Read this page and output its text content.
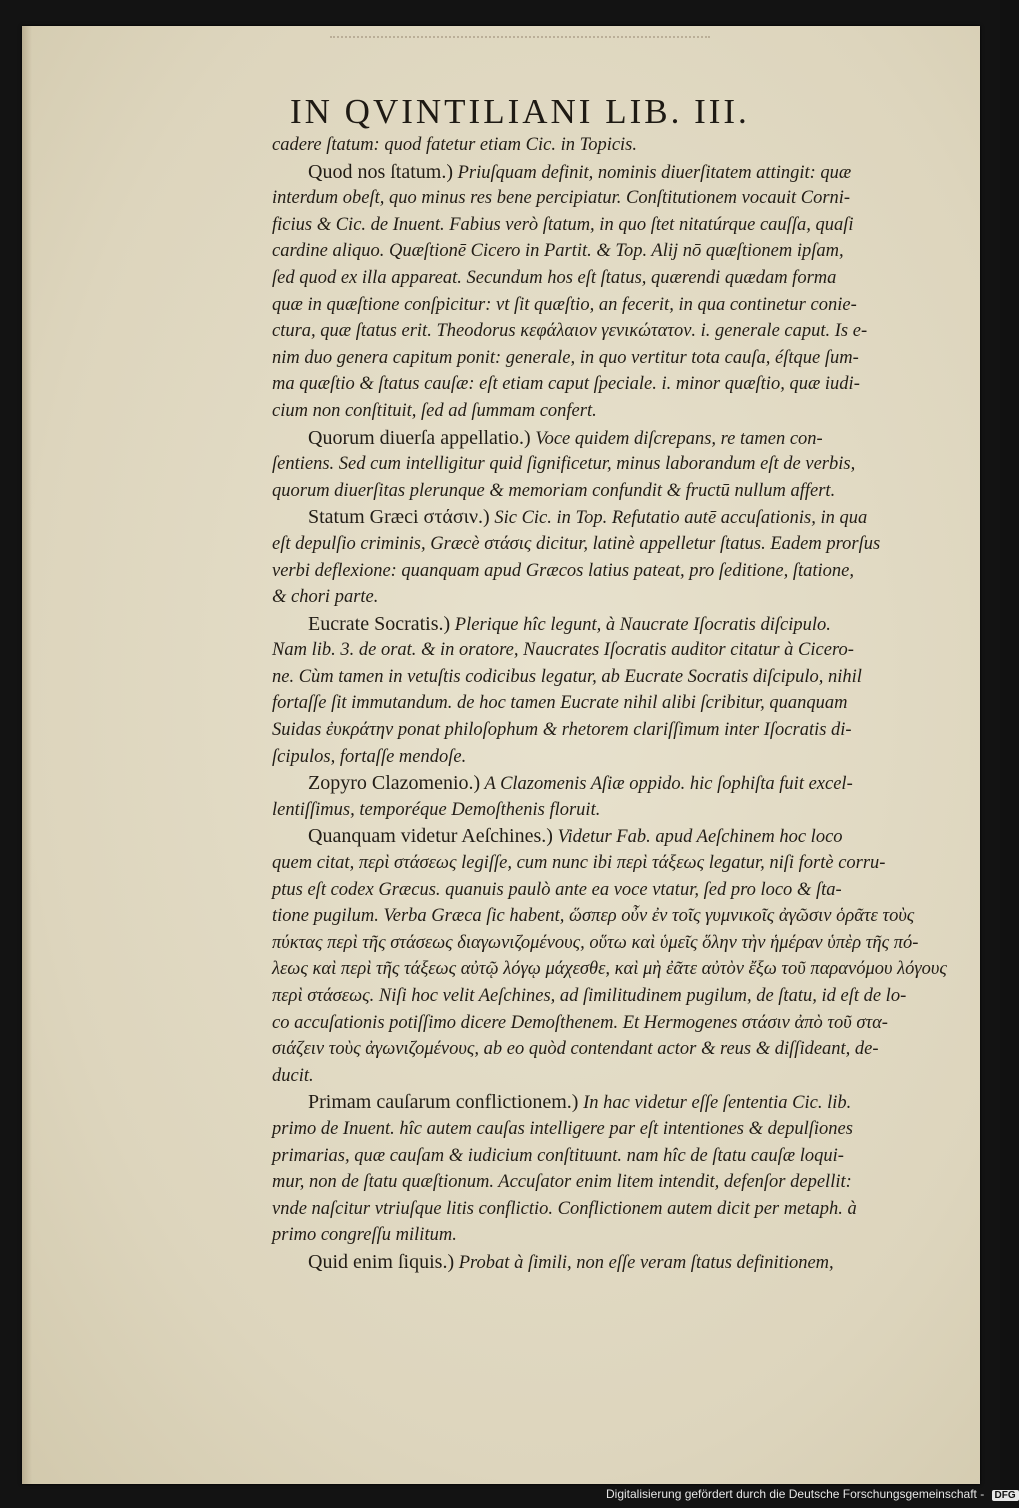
IN QVINTILIANI LIB. III.
cadere ſtatum: quod fatetur etiam Cic. in Topicis.
Quod nos ſtatum.) Priuſquam definit, nominis diuerſitatem attingit: quæ
interdum obeſt, quo minus res bene percipiatur. Conſtitutionem vocauit Corni-
ficius & Cic. de Inuent. Fabius verò ſtatum, in quo ſtet nitatúrque cauſſa, quaſi
cardine aliquo. Quæſtionē Cicero in Partit. & Top. Alij nō quæſtionem ipſam,
ſed quod ex illa appareat. Secundum hos eſt ſtatus, quærendi quædam forma
quæ in quæſtione conſpicitur: vt ſit quæſtio, an fecerit, in qua continetur conie-
ctura, quæ ſtatus erit. Theodorus κεφάλαιον γενικώτατον. i. generale caput. Is e-
nim duo genera capitum ponit: generale, in quo vertitur tota cauſa, éſtque ſum-
ma quæſtio & ſtatus cauſæ: eſt etiam caput ſpeciale. i. minor quæſtio, quæ iudi-
cium non conſtituit, ſed ad ſummam confert.
Quorum diuerſa appellatio.) Voce quidem diſcrepans, re tamen con-
ſentiens. Sed cum intelligitur quid ſignificetur, minus laborandum eſt de verbis,
quorum diuerſitas plerunque & memoriam confundit & fructū nullum affert.
Statum Græci στάσιν.) Sic Cic. in Top. Refutatio autē accuſationis, in qua
eſt depulſio criminis, Græcè στάσις dicitur, latinè appelletur ſtatus. Eadem prorſus
verbi deflexione: quanquam apud Græcos latius pateat, pro ſeditione, ſtatione,
& chori parte.
Eucrate Socratis.) Plerique hîc legunt, à Naucrate Iſocratis diſcipulo.
Nam lib. 3. de orat. & in oratore, Naucrates Iſocratis auditor citatur à Cicero-
ne. Cùm tamen in vetuſtis codicibus legatur, ab Eucrate Socratis diſcipulo, nihil
fortaſſe ſit immutandum. de hoc tamen Eucrate nihil alibi ſcribitur, quanquam
Suidas ἐυκράτην ponat philoſophum & rhetorem clariſſimum inter Iſocratis di-
ſcipulos, fortaſſe mendoſe.
Zopyro Clazomenio.) A Clazomenis Aſiæ oppido. hic ſophiſta fuit excel-
lentiſſimus, temporéque Demoſthenis floruit.
Quanquam videtur Aeſchines.) Videtur Fab. apud Aeſchinem hoc loco
quem citat, περὶ στάσεως legiſſe, cum nunc ibi περὶ τάξεως legatur, niſi fortè corru-
ptus eſt codex Græcus. quanuis paulò ante ea voce vtatur, ſed pro loco & ſta-
tione pugilum. Verba Græca ſic habent, ὥσπερ οὖν ἐν τοῖς γυμνικοῖς ἀγῶσιν ὁρᾶτε τοὺς
πύκτας περὶ τῆς στάσεως διαγωνιζομένους, οὕτω καὶ ὑμεῖς ὅλην τὴν ἡμέραν ὑπὲρ τῆς πό-
λεως καὶ περὶ τῆς τάξεως αὐτῷ λόγῳ μάχεσθε, καὶ μὴ ἐᾶτε αὐτὸν ἔξω τοῦ παρανόμου λόγους
περὶ στάσεως. Niſi hoc velit Aeſchines, ad ſimilitudinem pugilum, de ſtatu, id eſt de lo-
co accuſationis potiſſimo dicere Demoſthenem. Et Hermogenes στάσιν ἀπὸ τοῦ στα-
σιάζειν τοὺς ἀγωνιζομένους, ab eo quòd contendant actor & reus & diſſideant, de-
ducit.
Primam cauſarum conflictionem.) In hac videtur eſſe ſententia Cic. lib.
primo de Inuent. hîc autem cauſas intelligere par eſt intentiones & depulſiones
primarias, quæ cauſam & iudicium conſtituunt. nam hîc de ſtatu cauſæ loqui-
mur, non de ſtatu quæſtionum. Accuſator enim litem intendit, defenſor depellit:
vnde naſcitur vtriuſque litis conflictio. Conflictionem autem dicit per metaph. à
primo congreſſu militum.
Quid enim ſiquis.) Probat à ſimili, non eſſe veram ſtatus definitionem,
Digitalisierung gefördert durch die Deutsche Forschungsgemeinschaft - DFG
